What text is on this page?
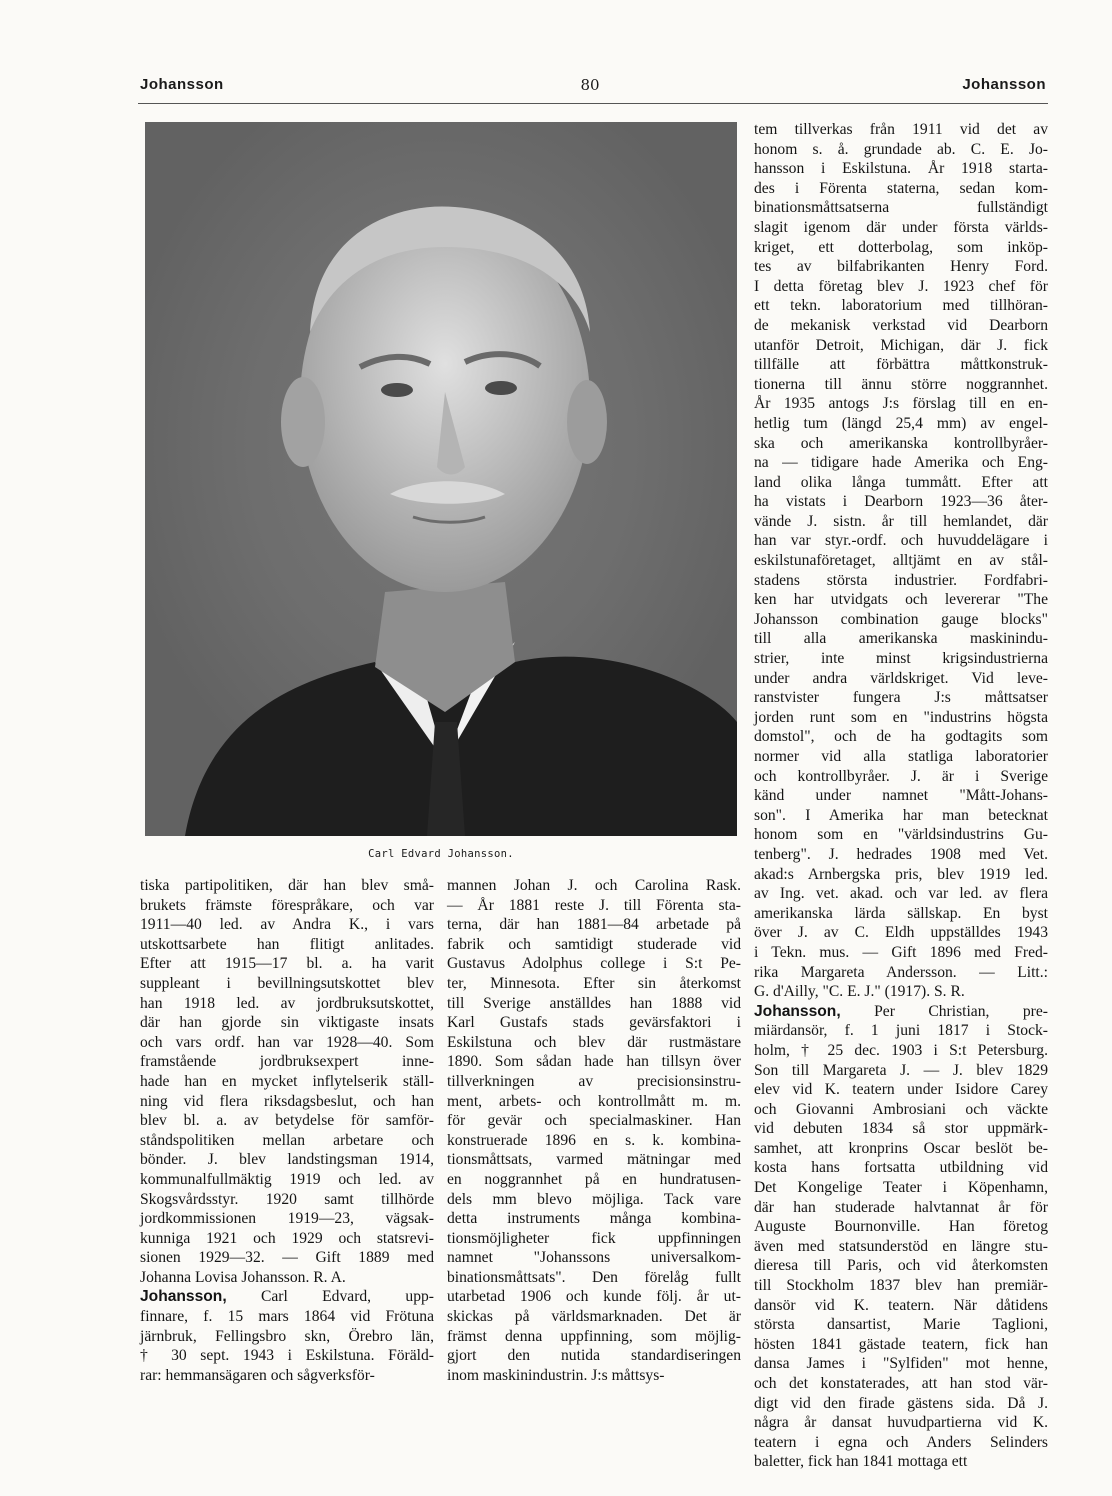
Johansson	80	Johansson
Carl Edvard Johansson.
tiska partipolitiken, där han blev små-
brukets främste förespråkare, och var
1911—40 led. av Andra K., i vars
utskottsarbete han flitigt anlitades.
Efter att 1915—17 bl. a. ha varit
suppleant i bevillningsutskottet blev
han 1918 led. av jordbruksutskottet,
där han gjorde sin viktigaste insats
och vars ordf. han var 1928—40. Som
framstående jordbruksexpert inne-
hade han en mycket inflytelserik ställ-
ning vid flera riksdagsbeslut, och han
blev bl. a. av betydelse för samför-
ståndspolitiken mellan arbetare och
bönder. J. blev landstingsman 1914,
kommunalfullmäktig 1919 och led. av
Skogsvårdsstyr. 1920 samt tillhörde
jordkommissionen 1919—23, vägsak-
kunniga 1921 och 1929 och statsrevi-
sionen 1929—32. — Gift 1889 med
Johanna Lovisa Johansson. R. A.
Johansson, Carl Edvard, upp-
finnare, f. 15 mars 1864 vid Frötuna
järnbruk, Fellingsbro skn, Örebro län,
† 30 sept. 1943 i Eskilstuna. Föräld-
rar: hemmansägaren och sågverksför-
mannen Johan J. och Carolina Rask.
— År 1881 reste J. till Förenta sta-
terna, där han 1881—84 arbetade på
fabrik och samtidigt studerade vid
Gustavus Adolphus college i S:t Pe-
ter, Minnesota. Efter sin återkomst
till Sverige anställdes han 1888 vid
Karl Gustafs stads gevärsfaktori i
Eskilstuna och blev där rustmästare
1890. Som sådan hade han tillsyn över
tillverkningen av precisionsinstru-
ment, arbets- och kontrollmått m. m.
för gevär och specialmaskiner. Han
konstruerade 1896 en s. k. kombina-
tionsmåttsats, varmed mätningar med
en noggrannhet på en hundratusen-
dels mm blevo möjliga. Tack vare
detta instruments många kombina-
tionsmöjligheter fick uppfinningen
namnet "Johanssons universalkom-
binationsmåttsats". Den förelåg fullt
utarbetad 1906 och kunde följ. år ut-
skickas på världsmarknaden. Det är
främst denna uppfinning, som möjlig-
gjort den nutida standardiseringen
inom maskinindustrin. J:s måttsys-
tem tillverkas från 1911 vid det av
honom s. å. grundade ab. C. E. Jo-
hansson i Eskilstuna. År 1918 starta-
des i Förenta staterna, sedan kom-
binationsmåttsatserna fullständigt
slagit igenom där under första världs-
kriget, ett dotterbolag, som inköp-
tes av bilfabrikanten Henry Ford.
I detta företag blev J. 1923 chef för
ett tekn. laboratorium med tillhöran-
de mekanisk verkstad vid Dearborn
utanför Detroit, Michigan, där J. fick
tillfälle att förbättra måttkonstruk-
tionerna till ännu större noggrannhet.
År 1935 antogs J:s förslag till en en-
hetlig tum (längd 25,4 mm) av engel-
ska och amerikanska kontrollbyråer-
na — tidigare hade Amerika och Eng-
land olika långa tummått. Efter att
ha vistats i Dearborn 1923—36 åter-
vände J. sistn. år till hemlandet, där
han var styr.-ordf. och huvuddelägare i
eskilstunaföretaget, alltjämt en av stål-
stadens största industrier. Fordfabri-
ken har utvidgats och levererar "The
Johansson combination gauge blocks"
till alla amerikanska maskinindu-
strier, inte minst krigsindustrierna
under andra världskriget. Vid leve-
ranstvister fungera J:s måttsatser
jorden runt som en "industrins högsta
domstol", och de ha godtagits som
normer vid alla statliga laboratorier
och kontrollbyråer. J. är i Sverige
känd under namnet "Mått-Johans-
son". I Amerika har man betecknat
honom som en "världsindustrins Gu-
tenberg". J. hedrades 1908 med Vet.
akad:s Arnbergska pris, blev 1919 led.
av Ing. vet. akad. och var led. av flera
amerikanska lärda sällskap. En byst
över J. av C. Eldh uppställdes 1943
i Tekn. mus. — Gift 1896 med Fred-
rika Margareta Andersson. — Litt.:
G. d'Ailly, "C. E. J." (1917). S. R.
Johansson, Per Christian, pre-
miärdansör, f. 1 juni 1817 i Stock-
holm, † 25 dec. 1903 i S:t Petersburg.
Son till Margareta J. — J. blev 1829
elev vid K. teatern under Isidore Carey
och Giovanni Ambrosiani och väckte
vid debuten 1834 så stor uppmärk-
samhet, att kronprins Oscar beslöt be-
kosta hans fortsatta utbildning vid
Det Kongelige Teater i Köpenhamn,
där han studerade halvtannat år för
Auguste Bournonville. Han företog
även med statsunderstöd en längre stu-
dieresa till Paris, och vid återkomsten
till Stockholm 1837 blev han premiär-
dansör vid K. teatern. När dåtidens
största dansartist, Marie Taglioni,
hösten 1841 gästade teatern, fick han
dansa James i "Sylfiden" mot henne,
och det konstaterades, att han stod vär-
digt vid den firade gästens sida. Då J.
några år dansat huvudpartierna vid K.
teatern i egna och Anders Selinders
baletter, fick han 1841 mottaga ett
